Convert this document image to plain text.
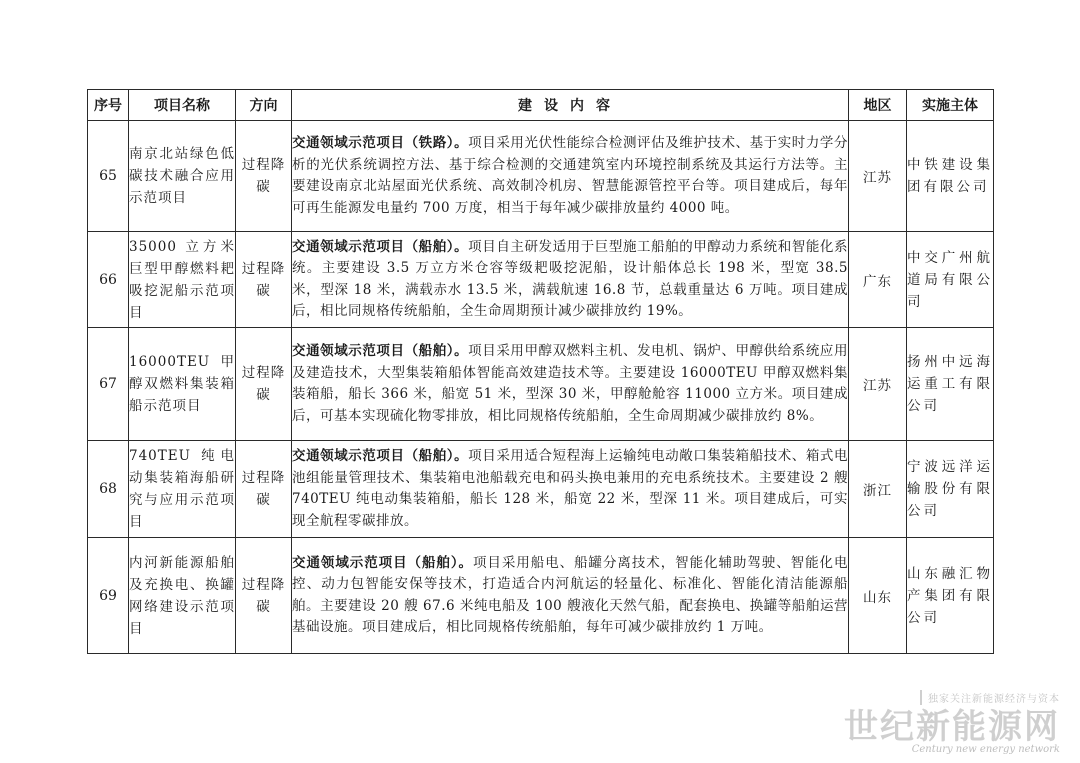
序号	项目名称	方向	建设内容	地区	实施主体
65	南京北站绿色低碳技术融合应用示范项目	过程降碳	交通领域示范项目（铁路）。项目采用光伏性能综合检测评估及维护技术、基于实时力学分析的光伏系统调控方法、基于综合检测的交通建筑室内环境控制系统及其运行方法等。主要建设南京北站屋面光伏系统、高效制冷机房、智慧能源管控平台等。项目建成后，每年可再生能源发电量约 700 万度，相当于每年减少碳排放量约 4000 吨。	江苏	中铁建设集团有限公司
66	35000 立方米巨型甲醇燃料耙吸挖泥船示范项目	过程降碳	交通领域示范项目（船舶）。项目自主研发适用于巨型施工船舶的甲醇动力系统和智能化系统。主要建设 3.5 万立方米仓容等级耙吸挖泥船，设计船体总长 198 米，型宽 38.5 米，型深 18 米，满载赤水 13.5 米，满载航速 16.8 节，总载重量达 6 万吨。项目建成后，相比同规格传统船舶，全生命周期预计减少碳排放约 19%。	广东	中交广州航道局有限公司
67	16000TEU 甲醇双燃料集装箱船示范项目	过程降碳	交通领域示范项目（船舶）。项目采用甲醇双燃料主机、发电机、锅炉、甲醇供给系统应用及建造技术，大型集装箱船体智能高效建造技术等。主要建设 16000TEU 甲醇双燃料集装箱船，船长 366 米，船宽 51 米，型深 30 米，甲醇舱舱容 11000 立方米。项目建成后，可基本实现硫化物零排放，相比同规格传统船舶，全生命周期减少碳排放约 8%。	江苏	扬州中远海运重工有限公司
68	740TEU 纯电动集装箱海船研究与应用示范项目	过程降碳	交通领域示范项目（船舶）。项目采用适合短程海上运输纯电动敞口集装箱船技术、箱式电池组能量管理技术、集装箱电池船载充电和码头换电兼用的充电系统技术。主要建设 2 艘 740TEU 纯电动集装箱船，船长 128 米，船宽 22 米，型深 11 米。项目建成后，可实现全航程零碳排放。	浙江	宁波远洋运输股份有限公司
69	内河新能源船舶及充换电、换罐网络建设示范项目	过程降碳	交通领域示范项目（船舶）。项目采用船电、船罐分离技术，智能化辅助驾驶、智能化电控、动力包智能安保等技术，打造适合内河航运的轻量化、标准化、智能化清洁能源船舶。主要建设 20 艘 67.6 米纯电船及 100 艘液化天然气船，配套换电、换罐等船舶运营基础设施。项目建成后，相比同规格传统船舶，每年可减少碳排放约 1 万吨。	山东	山东融汇物产集团有限公司
独家关注新能源经济与资本
世纪新能源网
Century new energy network
